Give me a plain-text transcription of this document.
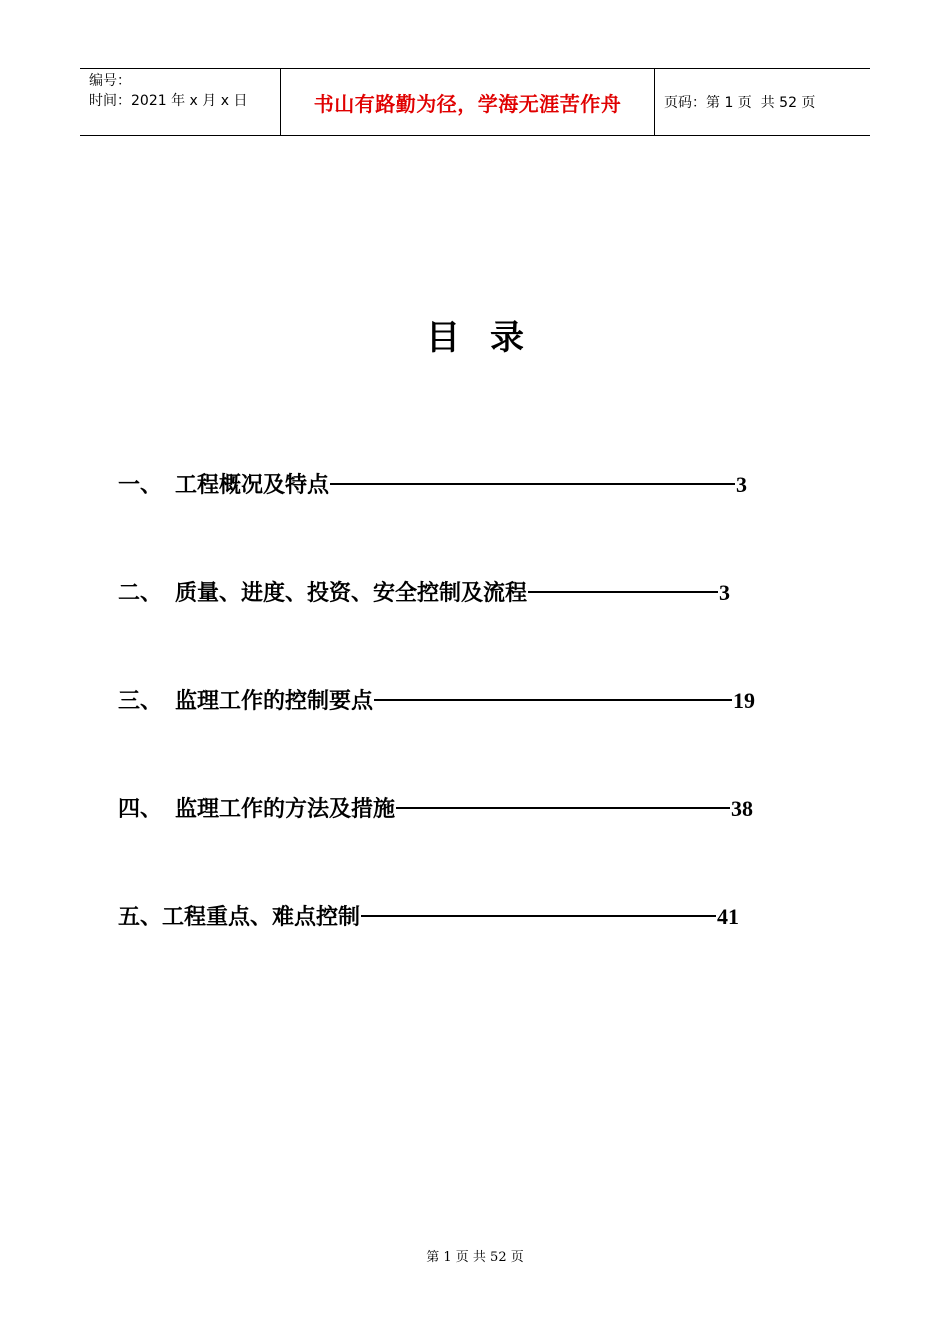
编号：
时间：2021 年 x 月 x 日	书山有路勤为径，学海无涯苦作舟	页码：第 1 页  共 52 页
目录
一、 工程概况及特点	3
二、 质量、进度、投资、安全控制及流程	3
三、 监理工作的控制要点	19
四、 监理工作的方法及措施	38
五、 工程重点、难点控制	41
第 1 页 共 52 页
